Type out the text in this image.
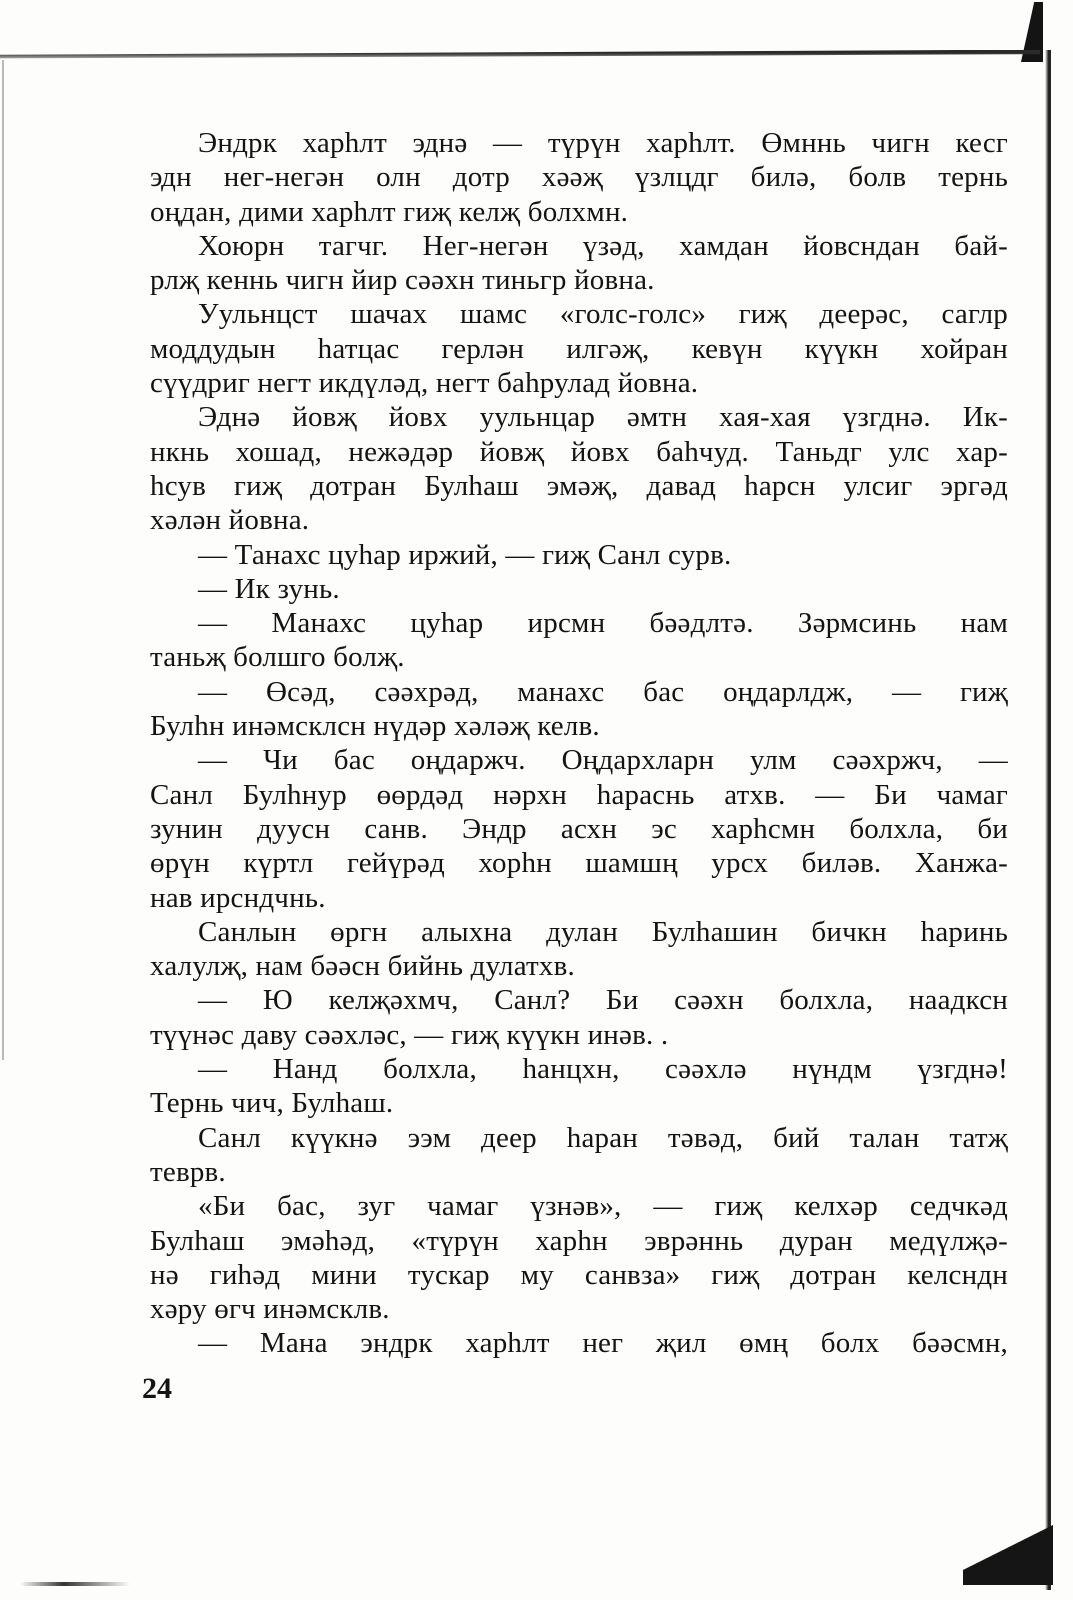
Эндрк харhлт эднə — түрүн харhлт. Өмннь чигн кесг
эдн нег-негəн олн дотр хəəҗ үзлцдг билə, болв тернь
оңдан, дими харhлт гиҗ келҗ болхмн.
Хоюрн тагчг. Нег-негəн үзəд, хамдан йовсндан бай-
рлҗ кеннь чигн йир сəəхн тиньгр йовна.
Уульнцст шачах шамс «голс-голс» гиҗ деерəс, саглр
моддудын hатцас герлəн илгəҗ, кевүн күүкн хойран
сүүдриг негт икдүлəд, негт баhрулад йовна.
Эднə йовҗ йовх уульнцар əмтн хая-хая үзгднə. Ик-
нкнь хошад, нежəдəр йовҗ йовх баhчуд. Таньдг улс хар-
hсув гиҗ дотран Булhаш эмəҗ, давад hарсн улсиг эргəд
хəлəн йовна.
— Танахс цуhар иржий, — гиҗ Санл сурв.
— Ик зунь.
— Манахс цуhар ирсмн бəəдлтə. Зəрмсинь нам
таньҗ болшго болҗ.
— Өсəд, сəəхрəд, манахс бас оңдарлдж, — гиҗ
Булhн инəмсклсн нүдəр хəлəҗ келв.
— Чи бас оңдаржч. Оңдархларн улм сəəхржч, —
Санл Булhнур өөрдəд нəрхн hараснь атхв. — Би чамаг
зунин дуусн санв. Эндр асхн эс харhсмн болхла, би
өрүн күртл гейүрəд хорhн шамшң урсх билəв. Ханжа-
нав ирсндчнь.
Санлын өргн алыхна дулан Булhашин бичкн hаринь
халулҗ, нам бəəсн бийнь дулатхв.
— Ю келҗəхмч, Санл? Би сəəхн болхла, наадксн
түүнəс даву сəəхлəс, — гиҗ күүкн инəв. .
— Нанд болхла, hанцхн, сəəхлə нүндм үзгднə!
Тернь чич, Булhаш.
Санл күүкнə ээм деер hаран тəвəд, бий талан татҗ
теврв.
«Би бас, зуг чамаг үзнəв», — гиҗ келхəр седчкəд
Булhаш эмəhəд, «түрүн харhн эврəннь дуран медүлҗə-
нə гиhəд мини тускар му санвза» гиҗ дотран келсндн
хəру өгч инəмсклв.
— Мана эндрк харhлт нег җил өмң болх бəəсмн,
24
